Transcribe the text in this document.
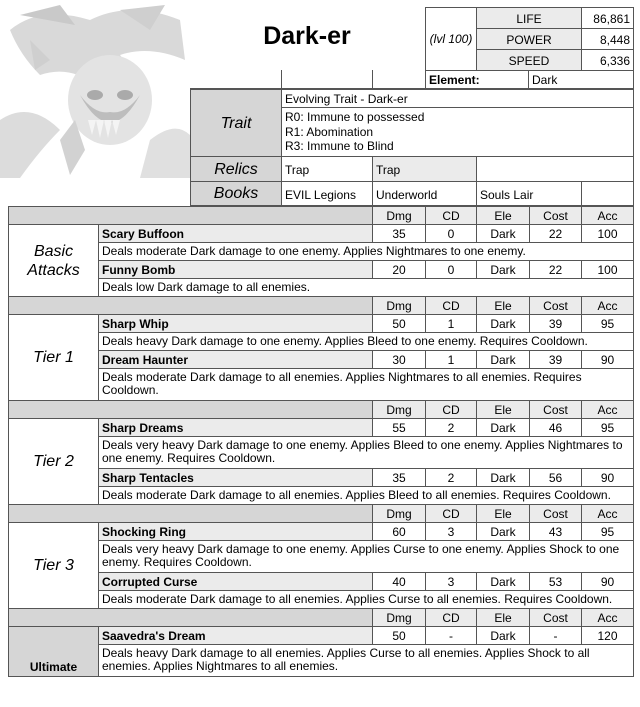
Dark-er	(lvl 100)
LIFE	86,861
POWER	8,448
SPEED	6,336
Element:	Dark
Trait
Evolving Trait - Dark-er
R0: Immune to possessed
R1: Abomination
R3: Immune to Blind
Relics	Trap	Trap
Books	EVIL Legions	Underworld	Souls Lair
Dmg	CD	Ele	Cost	Acc
Scary Buffoon	35	0	Dark	22	100
Deals moderate Dark damage to one enemy. Applies Nightmares to one enemy.
Funny Bomb	20	0	Dark	22	100
Deals low Dark damage to all enemies.
Basic Attacks
Dmg	CD	Ele	Cost	Acc
Sharp Whip	50	1	Dark	39	95
Deals heavy Dark damage to one enemy. Applies Bleed to one enemy. Requires Cooldown.
Dream Haunter	30	1	Dark	39	90
Deals moderate Dark damage to all enemies. Applies Nightmares to all enemies. Requires Cooldown.
Tier 1
Dmg	CD	Ele	Cost	Acc
Sharp Dreams	55	2	Dark	46	95
Deals very heavy Dark damage to one enemy. Applies Bleed to one enemy. Applies Nightmares to one enemy. Requires Cooldown.
Sharp Tentacles	35	2	Dark	56	90
Deals moderate Dark damage to all enemies. Applies Bleed to all enemies. Requires Cooldown.
Tier 2
Dmg	CD	Ele	Cost	Acc
Shocking Ring	60	3	Dark	43	95
Deals very heavy Dark damage to one enemy. Applies Curse to one enemy. Applies Shock to one enemy. Requires Cooldown.
Corrupted Curse	40	3	Dark	53	90
Deals moderate Dark damage to all enemies. Applies Curse to all enemies. Requires Cooldown.
Tier 3
Dmg	CD	Ele	Cost	Acc
Saavedra's Dream	50	-	Dark	-	120
Deals heavy Dark damage to all enemies. Applies Curse to all enemies. Applies Shock to all enemies. Applies Nightmares to all enemies.
Ultimate
